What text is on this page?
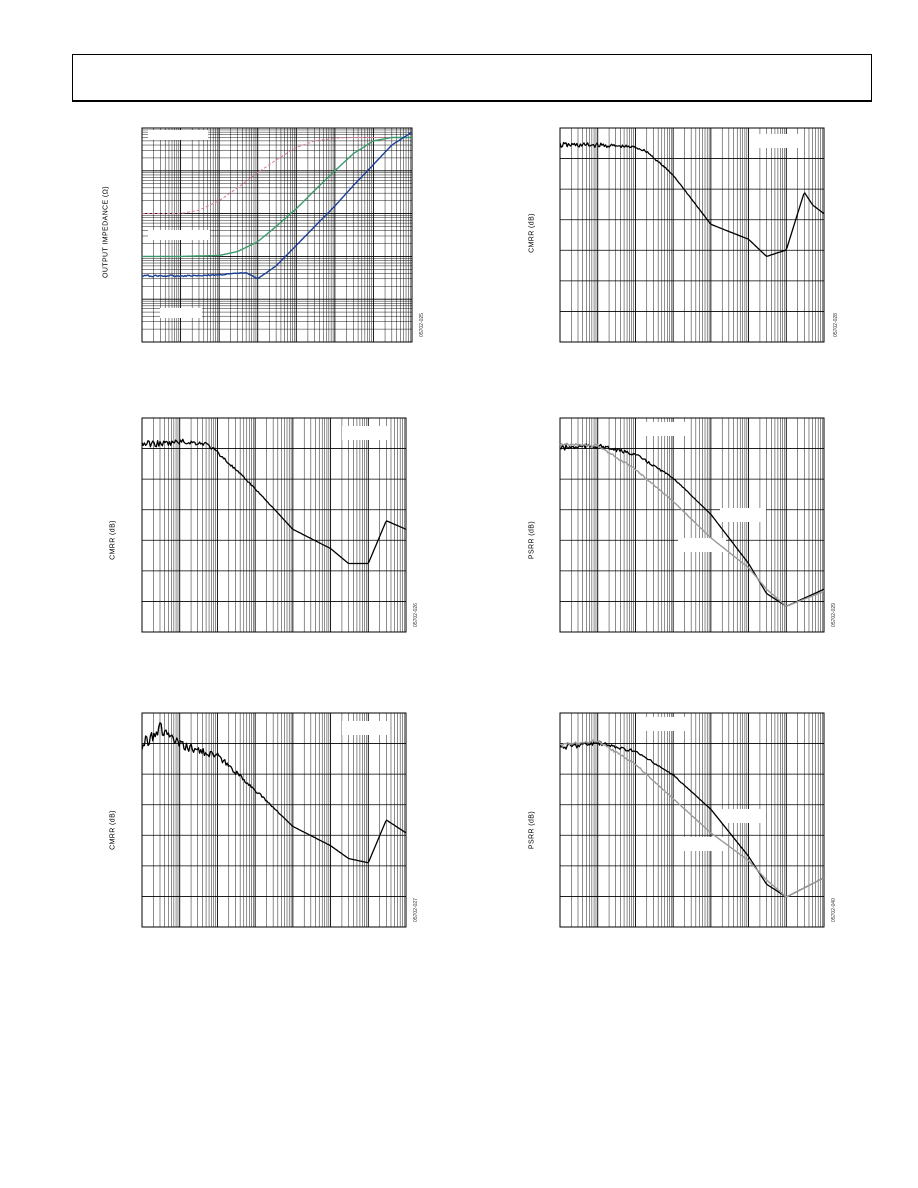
OUTPUT IMPEDANCE (Ω)
05702-025
CMRR (dB)
05702-028
CMRR (dB)
05702-026
PSRR (dB)
05702-029
CMRR (dB)
05702-027
PSRR (dB)
05702-040
